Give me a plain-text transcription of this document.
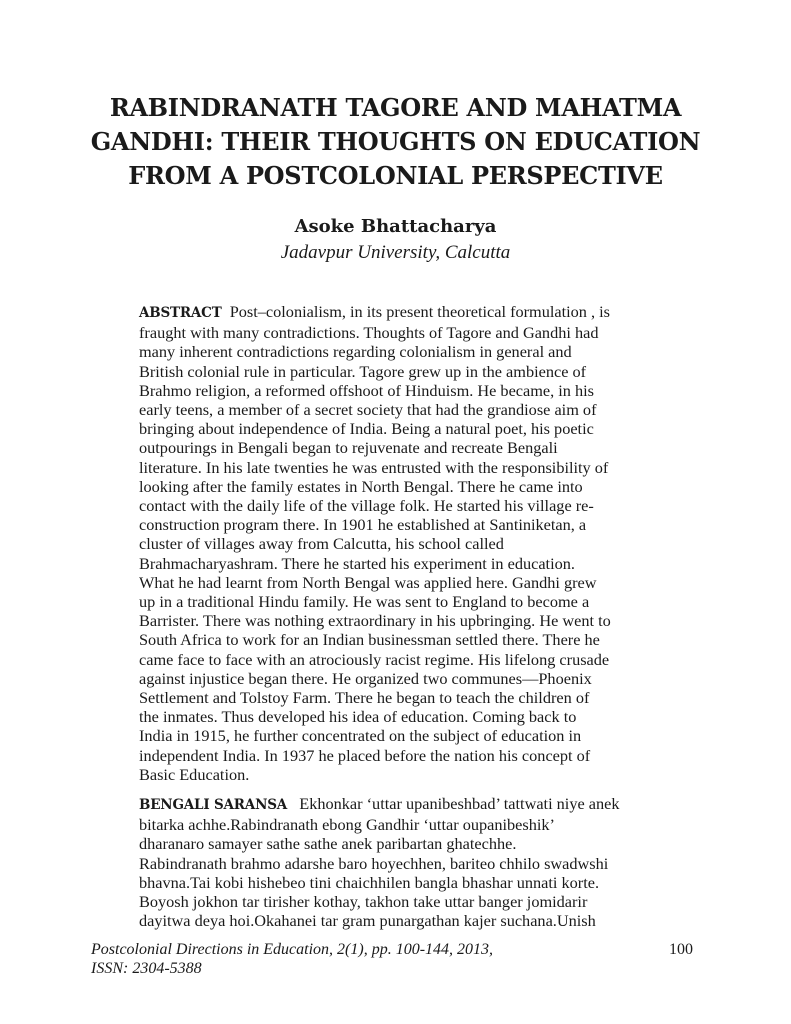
RABINDRANATH TAGORE AND MAHATMA
GANDHI: THEIR THOUGHTS ON EDUCATION
FROM A POSTCOLONIAL PERSPECTIVE
Asoke Bhattacharya
Jadavpur University, Calcutta
ABSTRACT Post–colonialism, in its present theoretical formulation , is
fraught with many contradictions. Thoughts of Tagore and Gandhi had
many inherent contradictions regarding colonialism in general and
British colonial rule in particular. Tagore grew up in the ambience of
Brahmo religion, a reformed offshoot of Hinduism. He became, in his
early teens, a member of a secret society that had the grandiose aim of
bringing about independence of India. Being a natural poet, his poetic
outpourings in Bengali began to rejuvenate and recreate Bengali
literature. In his late twenties he was entrusted with the responsibility of
looking after the family estates in North Bengal. There he came into
contact with the daily life of the village folk. He started his village re-
construction program there. In 1901 he established at Santiniketan, a
cluster of villages away from Calcutta, his school called
Brahmacharyashram. There he started his experiment in education.
What he had learnt from North Bengal was applied here. Gandhi grew
up in a traditional Hindu family. He was sent to England to become a
Barrister. There was nothing extraordinary in his upbringing. He went to
South Africa to work for an Indian businessman settled there. There he
came face to face with an atrociously racist regime. His lifelong crusade
against injustice began there. He organized two communes—Phoenix
Settlement and Tolstoy Farm. There he began to teach the children of
the inmates. Thus developed his idea of education. Coming back to
India in 1915, he further concentrated on the subject of education in
independent India. In 1937 he placed before the nation his concept of
Basic Education.
BENGALI SARANSA Ekhonkar ‘uttar upanibeshbad’ tattwati niye anek
bitarka achhe.Rabindranath ebong Gandhir ‘uttar oupanibeshik’
dharanaro samayer sathe sathe anek paribartan ghatechhe.
Rabindranath brahmo adarshe baro hoyechhen, bariteo chhilo swadwshi
bhavna.Tai kobi hishebeo tini chaichhilen bangla bhashar unnati korte.
Boyosh jokhon tar tirisher kothay, takhon take uttar banger jomidarir
dayitwa deya hoi.Okahanei tar gram punargathan kajer suchana.Unish
Postcolonial Directions in Education, 2(1), pp. 100-144, 2013,
ISSN: 2304-5388
100
